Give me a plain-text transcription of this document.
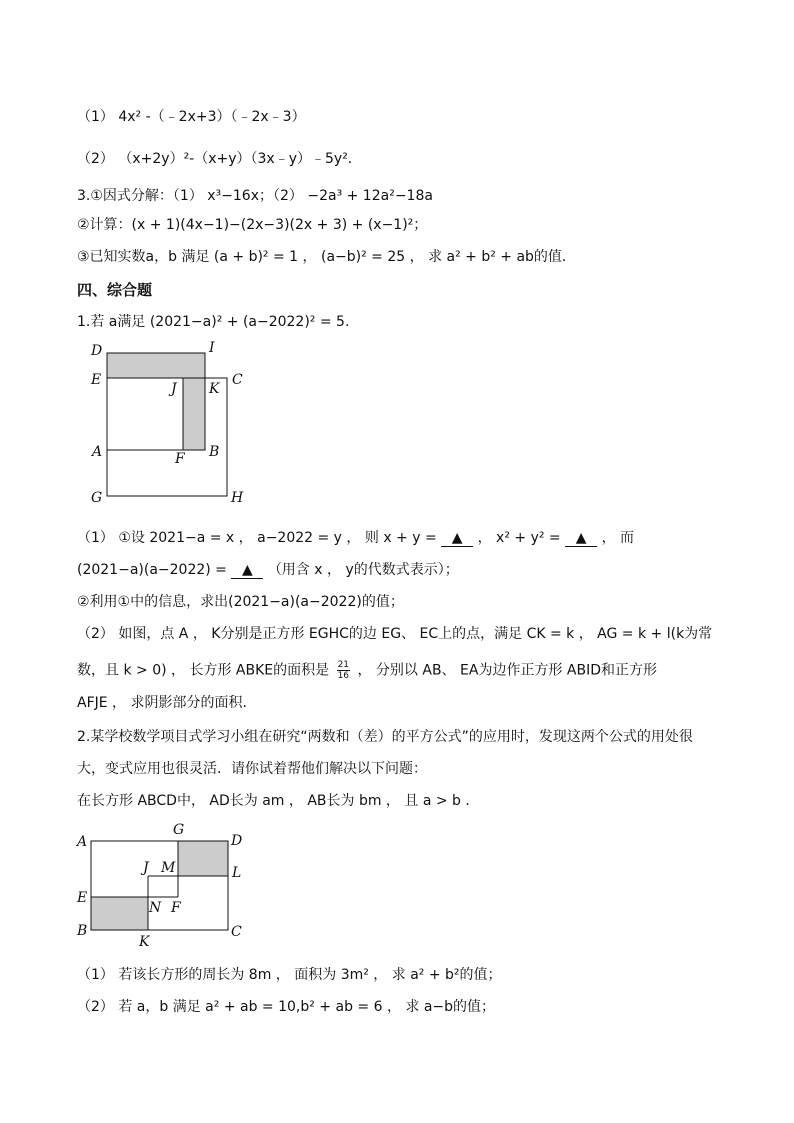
（1） 4x² -（﹣2x+3）（﹣2x﹣3）
（2） （x+2y）²-（x+y）（3x﹣y）﹣5y²．
3.①因式分解：（1） x³−16x；（2） −2a³ + 12a²−18a
②计算：(x + 1)(4x−1)−(2x−3)(2x + 3) + (x−1)²；
③已知实数a，b 满足 (a + b)² = 1 ， (a−b)² = 25 ， 求 a² + b² + ab的值．
四、综合题
1.若 a满足 (2021−a)² + (a−2022)² = 5.
D	I
E	C
J K
A	B
F
G	H
（1） ①设 2021−a = x ， a−2022 = y ， 则 x + y = ▲ ， x² + y² = ▲ ， 而
(2021−a)(a−2022) = ▲ （用含 x ， y的代数式表示）；
②利用①中的信息，求出(2021−a)(a−2022)的值；
（2） 如图，点 A ， K分别是正方形 EGHC的边 EG、 EC上的点，满足 CK = k ， AG = k + l(k为常
数，且 k > 0) ， 长方形 ABKE的面积是 $\frac{21}{16}$ ， 分别以 AB、 EA为边作正方形 ABID和正方形
AFJE ， 求阴影部分的面积.
2.某学校数学项目式学习小组在研究“两数和（差）的平方公式”的应用时，发现这两个公式的用处很
大，变式应用也很灵活．请你试着帮他们解决以下问题：
在长方形 ABCD中， AD长为 am ， AB长为 bm ， 且 a > b ．
A
G
D
J M	L
E
N F
B
K
C
（1） 若该长方形的周长为 8m ， 面积为 3m² ， 求 a² + b²的值；
（2） 若 a，b 满足 a² + ab = 10,b² + ab = 6 ， 求 a−b的值；
